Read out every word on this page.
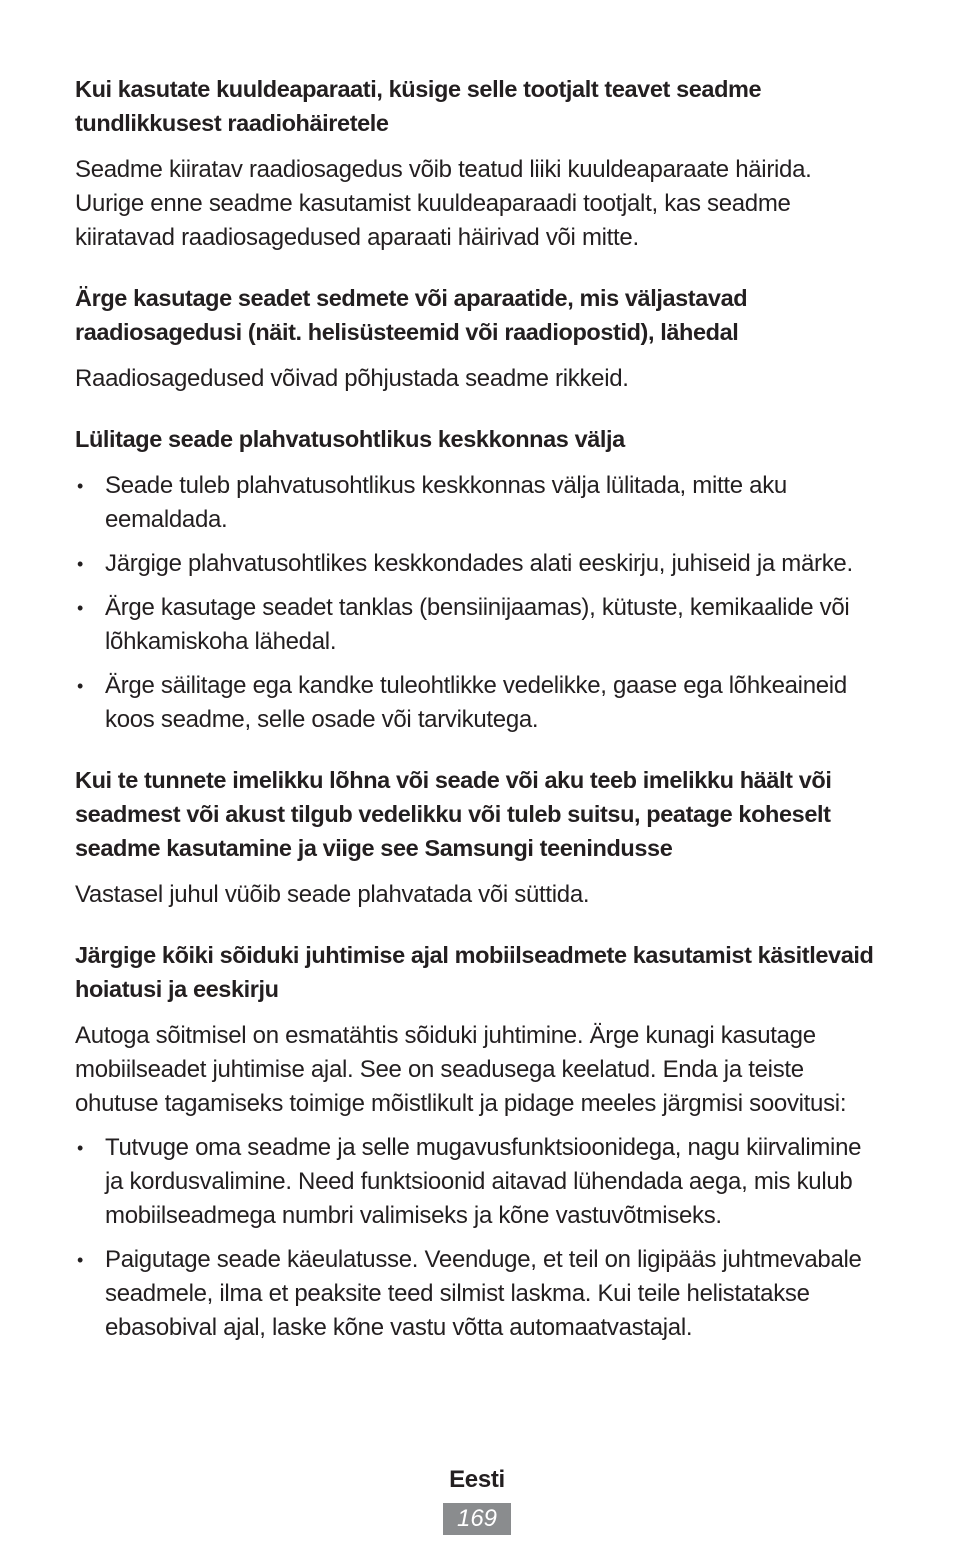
Kui kasutate kuuldeaparaati, küsige selle tootjalt teavet seadme tundlikkusest raadiohäiretele

Seadme kiiratav raadiosagedus võib teatud liiki kuuldeaparaate häirida. Uurige enne seadme kasutamist kuuldeaparaadi tootjalt, kas seadme kiiratavad raadiosagedused aparaati häirivad või mitte.

Ärge kasutage seadet sedmete või aparaatide, mis väljastavad raadiosagedusi (näit. helisüsteemid või raadiopostid), lähedal

Raadiosagedused võivad põhjustada seadme rikkeid.

Lülitage seade plahvatusohtlikus keskkonnas välja

• Seade tuleb plahvatusohtlikus keskkonnas välja lülitada, mitte aku eemaldada.
• Järgige plahvatusohtlikes keskkondades alati eeskirju, juhiseid ja märke.
• Ärge kasutage seadet tanklas (bensiinijaamas), kütuste, kemikaalide või lõhkamiskoha lähedal.
• Ärge säilitage ega kandke tuleohtlikke vedelikke, gaase ega lõhkeaineid koos seadme, selle osade või tarvikutega.

Kui te tunnete imelikku lõhna või seade või aku teeb imelikku häält või seadmest või akust tilgub vedelikku või tuleb suitsu, peatage koheselt seadme kasutamine ja viige see Samsungi teenindusse

Vastasel juhul vüõib seade plahvatada või süttida.

Järgige kõiki sõiduki juhtimise ajal mobiilseadmete kasutamist käsitlevaid hoiatusi ja eeskirju

Autoga sõitmisel on esmatähtis sõiduki juhtimine. Ärge kunagi kasutage mobiilseadet juhtimise ajal. See on seadusega keelatud. Enda ja teiste ohutuse tagamiseks toimige mõistlikult ja pidage meeles järgmisi soovitusi:

• Tutvuge oma seadme ja selle mugavusfunktsioonidega, nagu kiirvalimine ja kordusvalimine. Need funktsioonid aitavad lühendada aega, mis kulub mobiilseadmega numbri valimiseks ja kõne vastuvõtmiseks.
• Paigutage seade käeulatusse. Veenduge, et teil on ligipääs juhtmevabale seadmele, ilma et peaksite teed silmist laskma. Kui teile helistatakse ebasobival ajal, laske kõne vastu võtta automaatvastajal.
Eesti
169
